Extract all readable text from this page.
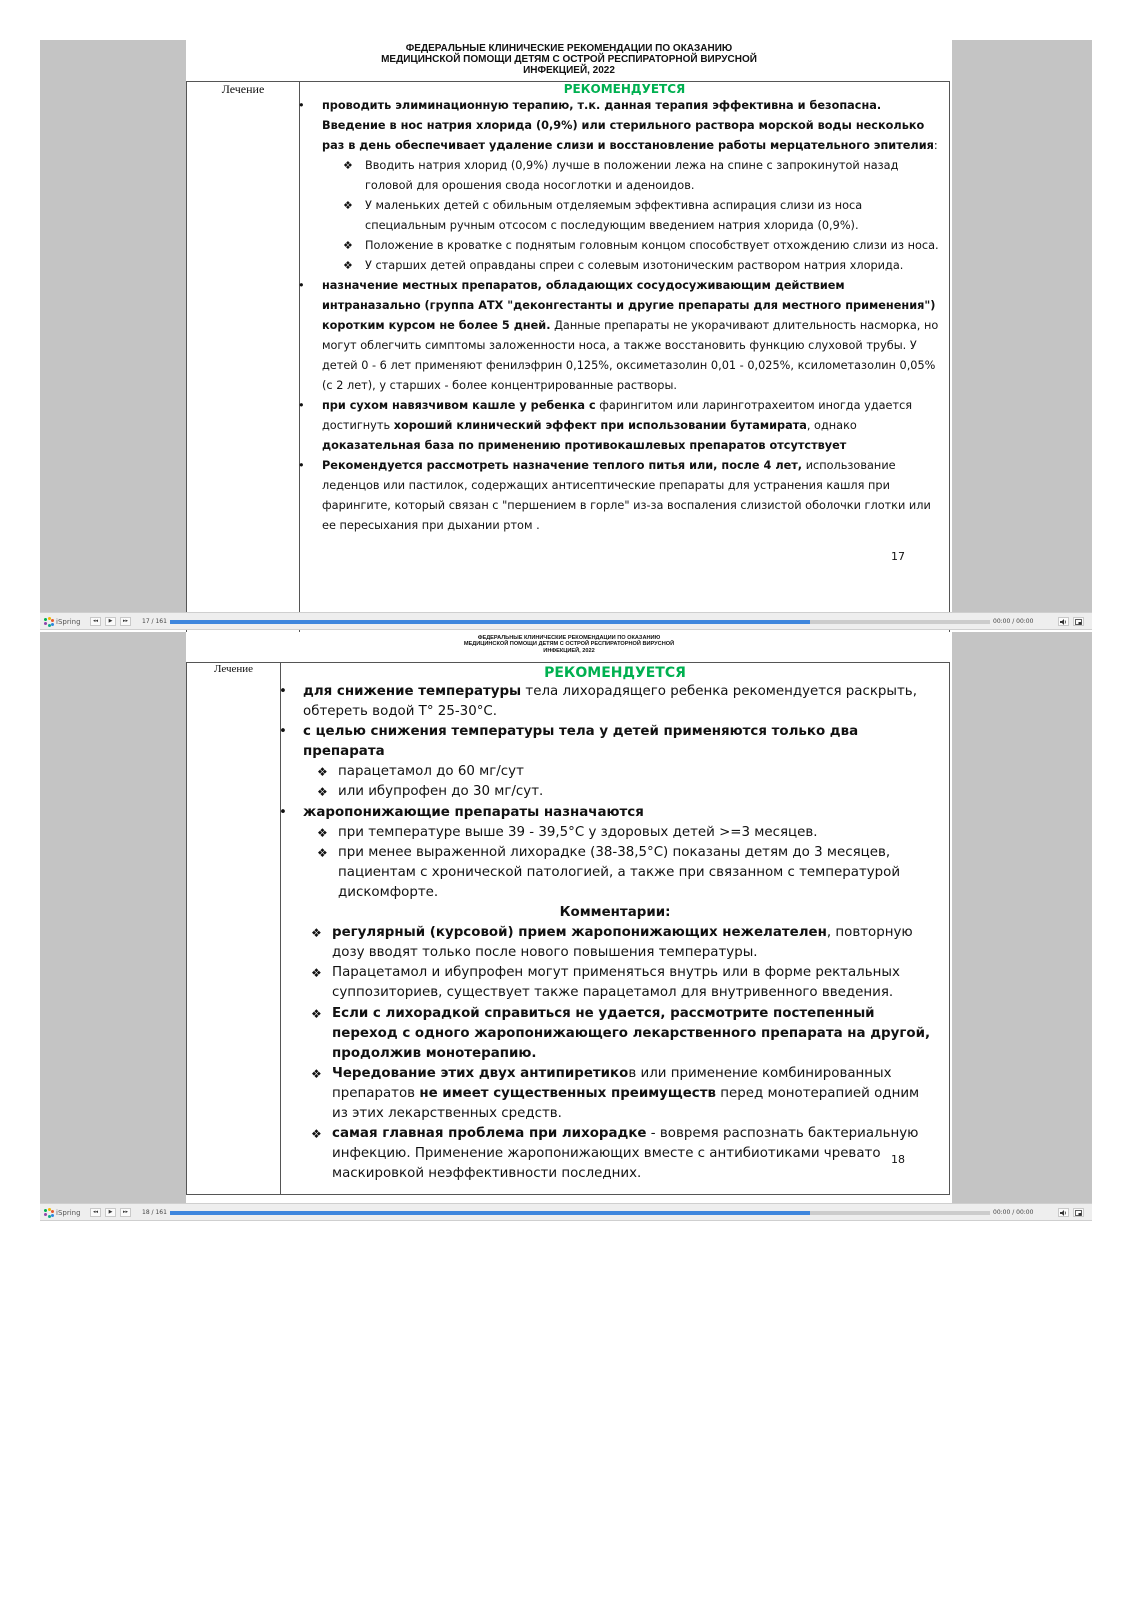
ФЕДЕРАЛЬНЫЕ КЛИНИЧЕСКИЕ РЕКОМЕНДАЦИИ ПО ОКАЗАНИЮ
МЕДИЦИНСКОЙ ПОМОЩИ ДЕТЯМ С ОСТРОЙ РЕСПИРАТОРНОЙ ВИРУСНОЙ
ИНФЕКЦИЕЙ, 2022
Лечение	РЕКОМЕНДУЕТСЯ
• проводить элиминационную терапию, т.к. данная терапия эффективна и безопасна. Введение в нос натрия хлорида (0,9%) или стерильного раствора морской воды несколько раз в день обеспечивает удаление слизи и восстановление работы мерцательного эпителия:
❖ Вводить натрия хлорид (0,9%) лучше в положении лежа на спине с запрокинутой назад головой для орошения свода носоглотки и аденоидов.
❖ У маленьких детей с обильным отделяемым эффективна аспирация слизи из носа специальным ручным отсосом с последующим введением натрия хлорида (0,9%).
❖ Положение в кроватке с поднятым головным концом способствует отхождению слизи из носа.
❖ У старших детей оправданы спреи с солевым изотоническим раствором натрия хлорида.
• назначение местных препаратов, обладающих сосудосуживающим действием интраназально (группа АТХ "деконгестанты и другие препараты для местного применения") коротким курсом не более 5 дней. Данные препараты не укорачивают длительность насморка, но могут облегчить симптомы заложенности носа, а также восстановить функцию слуховой трубы. У детей 0 - 6 лет применяют фенилэфрин 0,125%, оксиметазолин 0,01 - 0,025%, ксилометазолин 0,05% (с 2 лет), у старших - более концентрированные растворы.
• при сухом навязчивом кашле у ребенка с фарингитом или ларинготрахеитом иногда удается достигнуть хороший клинический эффект при использовании бутамирата, однако доказательная база по применению противокашлевых препаратов отсутствует
• Рекомендуется рассмотреть назначение теплого питья или, после 4 лет, использование леденцов или пастилок, содержащих антисептические препараты для устранения кашля при фарингите, который связан с "першением в горле" из-за воспаления слизистой оболочки глотки или ее пересыхания при дыхании ртом .
17
iSpring	◂◂	▶	▸▸	17 / 161	00:00 / 00:00
ФЕДЕРАЛЬНЫЕ КЛИНИЧЕСКИЕ РЕКОМЕНДАЦИИ ПО ОКАЗАНИЮ
МЕДИЦИНСКОЙ ПОМОЩИ ДЕТЯМ С ОСТРОЙ РЕСПИРАТОРНОЙ ВИРУСНОЙ
ИНФЕКЦИЕЙ, 2022
Лечение	РЕКОМЕНДУЕТСЯ
• для снижение температуры тела лихорадящего ребенка рекомендуется раскрыть, обтереть водой Т° 25-30°С.
• с целью снижения температуры тела у детей применяются только два препарата
❖ парацетамол до 60 мг/сут
❖ или ибупрофен до 30 мг/сут.
• жаропонижающие препараты назначаются
❖ при температуре выше 39 - 39,5°С у здоровых детей >=3 месяцев.
❖ при менее выраженной лихорадке (38-38,5°С) показаны детям до 3 месяцев, пациентам с хронической патологией, а также при связанном с температурой дискомфорте.
Комментарии:
❖ регулярный (курсовой) прием жаропонижающих нежелателен, повторную дозу вводят только после нового повышения температуры.
❖ Парацетамол и ибупрофен могут применяться внутрь или в форме ректальных суппозиториев, существует также парацетамол для внутривенного введения.
❖ Если с лихорадкой справиться не удается, рассмотрите постепенный переход с одного жаропонижающего лекарственного препарата на другой, продолжив монотерапию.
❖ Чередование этих двух антипиретиков или применение комбинированных препаратов не имеет существенных преимуществ перед монотерапией одним из этих лекарственных средств.
❖ самая главная проблема при лихорадке - вовремя распознать бактериальную инфекцию. Применение жаропонижающих вместе с антибиотиками чревато маскировкой неэффективности последних.
18
iSpring	◂◂	▶	▸▸	18 / 161	00:00 / 00:00
